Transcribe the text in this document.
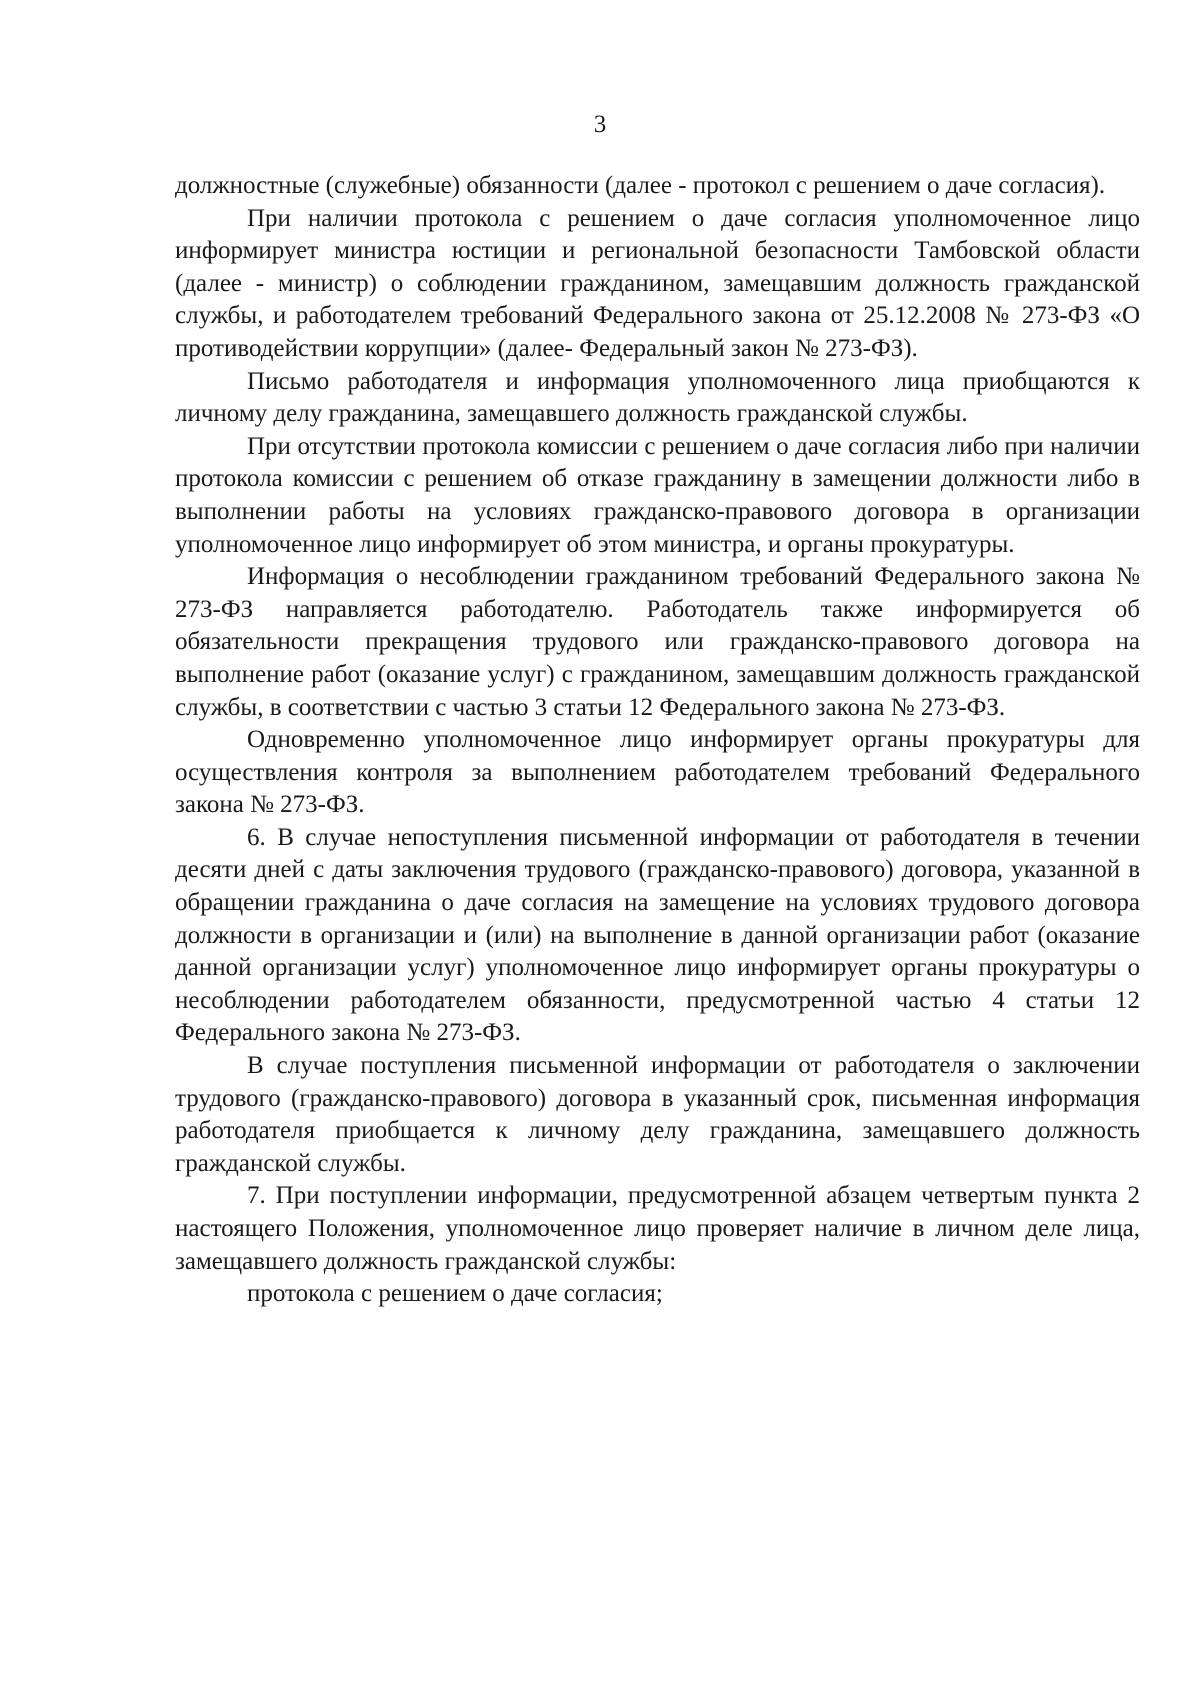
3

должностные (служебные) обязанности (далее - протокол с решением о даче согласия).

При наличии протокола с решением о даче согласия уполномоченное лицо информирует министра юстиции и региональной безопасности Тамбовской области (далее - министр) о соблюдении гражданином, замещавшим должность гражданской службы, и работодателем требований Федерального закона от 25.12.2008 № 273-ФЗ «О противодействии коррупции» (далее- Федеральный закон № 273-ФЗ).

Письмо работодателя и информация уполномоченного лица приобщаются к личному делу гражданина, замещавшего должность гражданской службы.

При отсутствии протокола комиссии с решением о даче согласия либо при наличии протокола комиссии с решением об отказе гражданину в замещении должности либо в выполнении работы на условиях гражданско-правового договора в организации уполномоченное лицо информирует об этом министра, и органы прокуратуры.

Информация о несоблюдении гражданином требований Федерального закона № 273-ФЗ направляется работодателю. Работодатель также информируется об обязательности прекращения трудового или гражданско-правового договора на выполнение работ (оказание услуг) с гражданином, замещавшим должность гражданской службы, в соответствии с частью 3 статьи 12 Федерального закона № 273-ФЗ.

Одновременно уполномоченное лицо информирует органы прокуратуры для осуществления контроля за выполнением работодателем требований Федерального закона № 273-ФЗ.

6. В случае непоступления письменной информации от работодателя в течении десяти дней с даты заключения трудового (гражданско-правового) договора, указанной в обращении гражданина о даче согласия на замещение на условиях трудового договора должности в организации и (или) на выполнение в данной организации работ (оказание данной организации услуг) уполномоченное лицо информирует органы прокуратуры о несоблюдении работодателем обязанности, предусмотренной частью 4 статьи 12 Федерального закона № 273-ФЗ.

В случае поступления письменной информации от работодателя о заключении трудового (гражданско-правового) договора в указанный срок, письменная информация работодателя приобщается к личному делу гражданина, замещавшего должность гражданской службы.

7. При поступлении информации, предусмотренной абзацем четвертым пункта 2 настоящего Положения, уполномоченное лицо проверяет наличие в личном деле лица, замещавшего должность гражданской службы:

протокола с решением о даче согласия;
